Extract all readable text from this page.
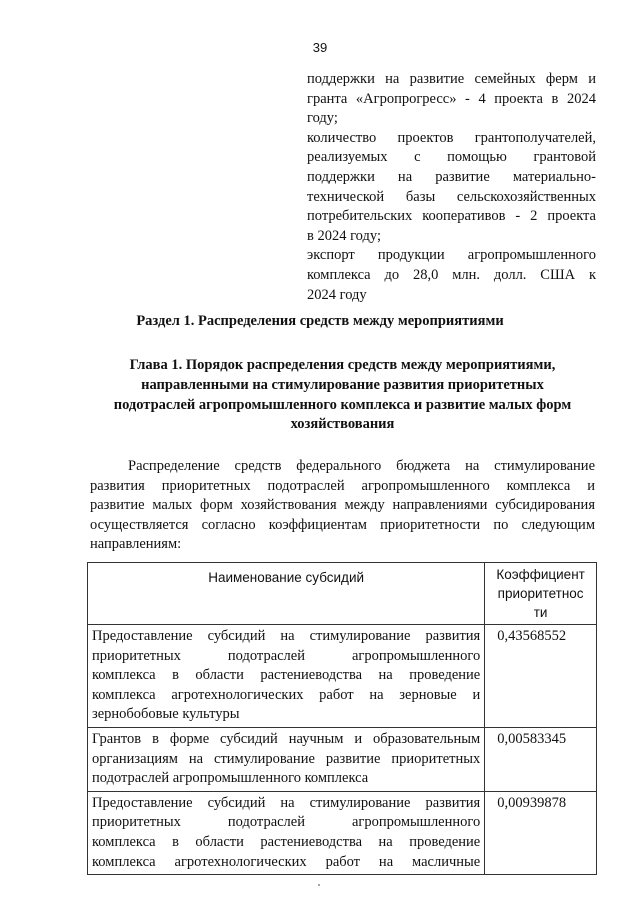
39
поддержки на развитие семейных ферм и
гранта «Агропрогресс» - 4 проекта в 2024
году;
количество проектов грантополучателей,
реализуемых с помощью грантовой
поддержки на развитие материально-
технической базы сельскохозяйственных
потребительских кооперативов - 2 проекта
в 2024 году;
экспорт продукции агропромышленного
комплекса до 28,0 млн. долл. США к
2024 году
Раздел 1. Распределения средств между мероприятиями
Глава 1. Порядок распределения средств между мероприятиями,
направленными на стимулирование развития приоритетных
подотраслей агропромышленного комплекса и развитие малых форм
хозяйствования
Распределение средств федерального бюджета на стимулирование
развития приоритетных подотраслей агропромышленного комплекса и
развитие малых форм хозяйствования между направлениями субсидирования
осуществляется согласно коэффициентам приоритетности по следующим
направлениям:
Наименование субсидий	Коэффициент
приоритетнос
ти

Предоставление субсидий на стимулирование развития
приоритетных подотраслей агропромышленного
комплекса в области растениеводства на проведение
комплекса агротехнологических работ на зерновые и
зернобобовые культуры	0,43568552

Грантов в форме субсидий научным и образовательным
организациям на стимулирование развитие приоритетных
подотраслей агропромышленного комплекса	0,00583345

Предоставление субсидий на стимулирование развития
приоритетных подотраслей агропромышленного
комплекса в области растениеводства на проведение
комплекса агротехнологических работ на масличные	0,00939878
